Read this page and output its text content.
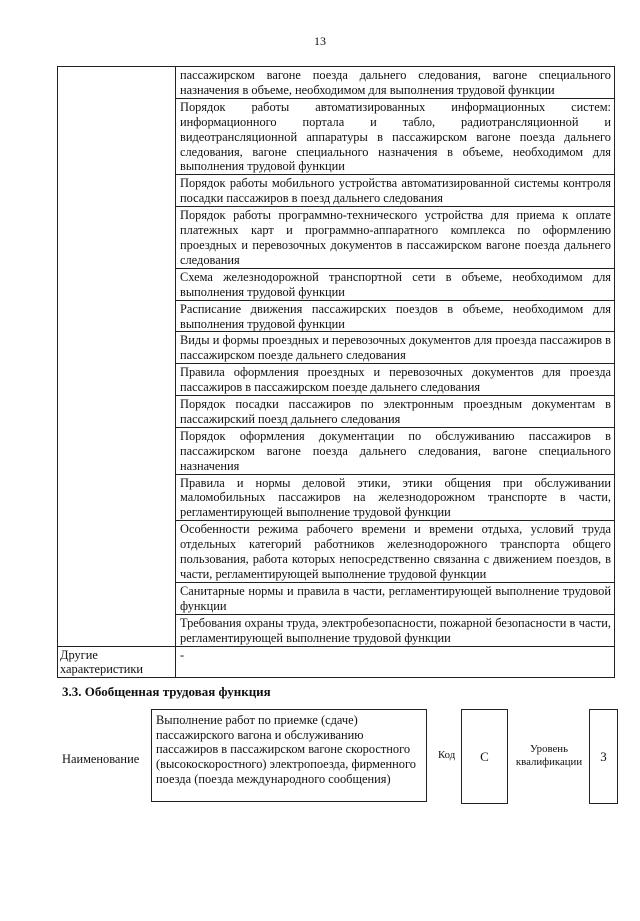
13
	пассажирском вагоне поезда дальнего следования, вагоне специального назначения в объеме, необходимом для выполнения трудовой функции
	Порядок работы автоматизированных информационных систем: информационного портала и табло, радиотрансляционной и видеотрансляционной аппаратуры в пассажирском вагоне поезда дальнего следования, вагоне специального назначения в объеме, необходимом для выполнения трудовой функции
	Порядок работы мобильного устройства автоматизированной системы контроля посадки пассажиров в поезд дальнего следования
	Порядок работы программно-технического устройства для приема к оплате платежных карт и программно-аппаратного комплекса по оформлению проездных и перевозочных документов в пассажирском вагоне поезда дальнего следования
	Схема железнодорожной транспортной сети в объеме, необходимом для выполнения трудовой функции
	Расписание движения пассажирских поездов в объеме, необходимом для выполнения трудовой функции
	Виды и формы проездных и перевозочных документов для проезда пассажиров в пассажирском поезде дальнего следования
	Правила оформления проездных и перевозочных документов для проезда пассажиров в пассажирском поезде дальнего следования
	Порядок посадки пассажиров по электронным проездным документам в пассажирский поезд дальнего следования
	Порядок оформления документации по обслуживанию пассажиров в пассажирском вагоне поезда дальнего следования, вагоне специального назначения
	Правила и нормы деловой этики, этики общения при обслуживании маломобильных пассажиров на железнодорожном транспорте в части, регламентирующей выполнение трудовой функции
	Особенности режима рабочего времени и времени отдыха, условий труда отдельных категорий работников железнодорожного транспорта общего пользования, работа которых непосредственно связанна с движением поездов, в части, регламентирующей выполнение трудовой функции
	Санитарные нормы и правила в части, регламентирующей выполнение трудовой функции
	Требования охраны труда, электробезопасности, пожарной безопасности в части, регламентирующей выполнение трудовой функции
Другие характеристики	-
3.3. Обобщенная трудовая функция
Наименование
Выполнение работ по приемке (сдаче) пассажирского вагона и обслуживанию пассажиров в пассажирском вагоне скоростного (высокоскоростного) электропоезда, фирменного поезда (поезда международного сообщения)
Код	С	Уровень квалификации	3
